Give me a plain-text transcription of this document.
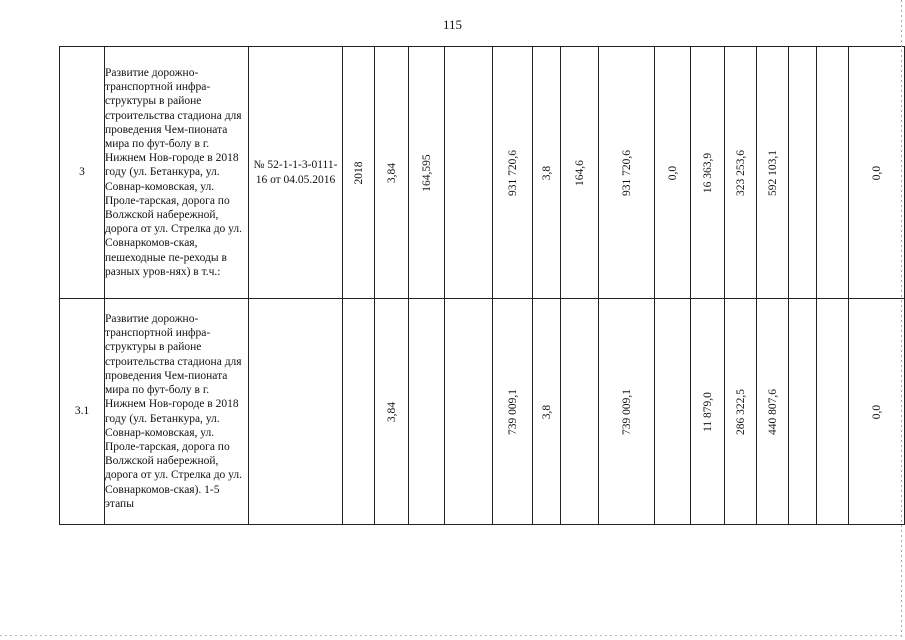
115
3	Развитие дорожно-транспортной инфра-структуры в районе строительства стадиона для проведения Чем-пионата мира по фут-болу в г. Нижнем Нов-городе в 2018 году (ул. Бетанкура, ул. Совнар-комовская, ул. Проле-тарская, дорога по Волжской набережной, дорога от ул. Стрелка до ул. Совнаркомов-ская, пешеходные пе-реходы в разных уров-нях) в т.ч.:	№ 52-1-1-3-0111-16 от 04.05.2016	2018	3,84	164,595		931 720,6	3,8	164,6	931 720,6	0,0	16 363,9	323 253,6	592 103,1			0,0

3.1	Развитие дорожно-транспортной инфра-структуры в районе строительства стадиона для проведения Чем-пионата мира по фут-болу в г. Нижнем Нов-городе в 2018 году (ул. Бетанкура, ул. Совнар-комовская, ул. Проле-тарская, дорога по Волжской набережной, дорога от ул. Стрелка до ул. Совнаркомов-ская). 1-5 этапы			3,84			739 009,1	3,8		739 009,1		11 879,0	286 322,5	440 807,6			0,0
